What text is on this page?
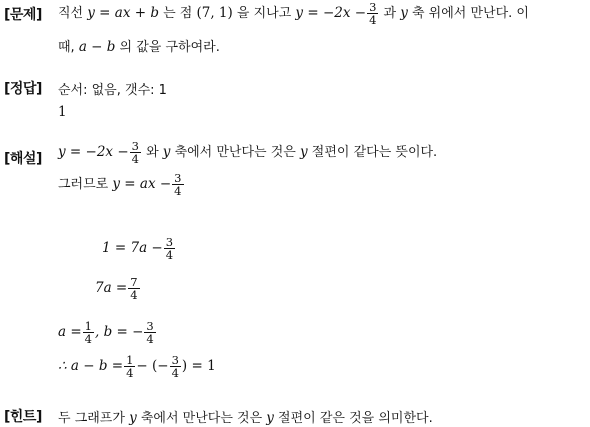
[문제] 직선 y = ax + b 는 점 (7, 1) 을 지나고 $y = -2x - \frac{3}{4}$ 과 y 축 위에서 만난다. 이
때, a − b 의 값을 구하여라.
[정답] 순서: 없음, 갯수: 1
1
[해설] $y = -2x - \frac{3}{4}$ 와 y 축에서 만난다는 것은 y 절편이 같다는 뜻이다.
그러므로 y = ax − $\frac{3}{4}$
$1 = 7a - \frac{3}{4}$
$7a = \frac{7}{4}$
$a = \frac{1}{4}$ , b = − $\frac{3}{4}$
∴ $a - b = \frac{1}{4}$ − (− $\frac{3}{4}$ ) = 1
[힌트] 두 그래프가 y 축에서 만난다는 것은 y 절편이 같은 것을 의미한다.
